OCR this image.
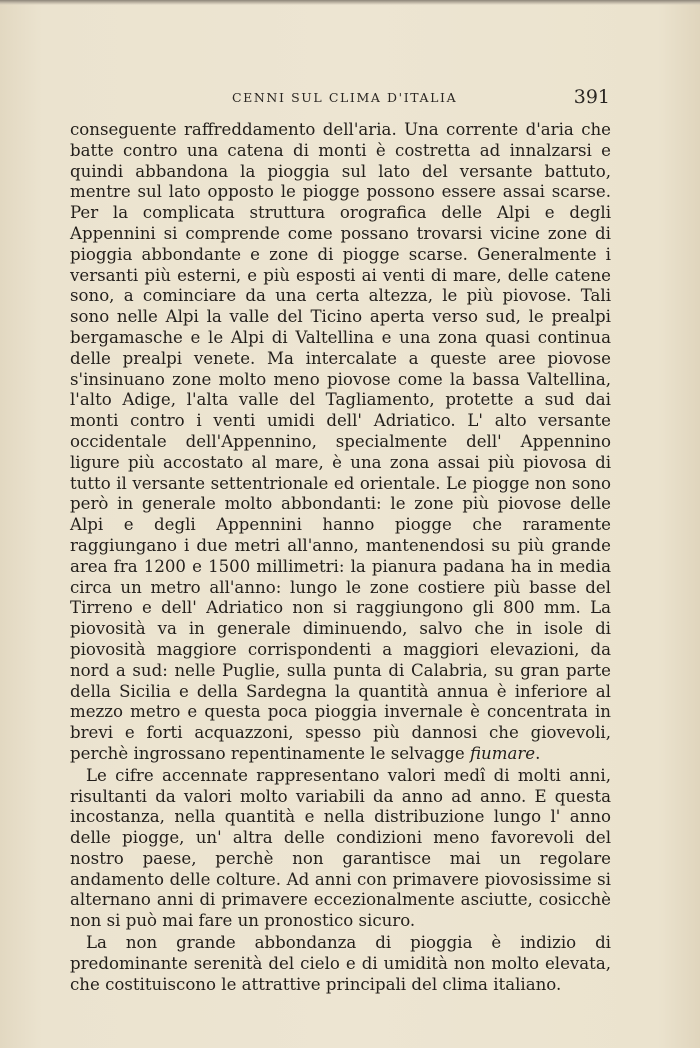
CENNI SUL CLIMA D'ITALIA	391

conseguente raffreddamento dell'aria. Una corrente d'aria che batte contro una catena di monti è costretta ad innalzarsi e quindi abbandona la pioggia sul lato del versante battuto, mentre sul lato opposto le piogge possono essere assai scarse. Per la complicata struttura orografica delle Alpi e degli Appennini si comprende come possano trovarsi vicine zone di pioggia abbondante e zone di piogge scarse. Generalmente i versanti più esterni, e più esposti ai venti di mare, delle catene sono, a cominciare da una certa altezza, le più piovose. Tali sono nelle Alpi la valle del Ticino aperta verso sud, le prealpi bergamasche e le Alpi di Valtellina e una zona quasi continua delle prealpi venete. Ma intercalate a queste aree piovose s'insinuano zone molto meno piovose come la bassa Valtellina, l'alto Adige, l'alta valle del Tagliamento, protette a sud dai monti contro i venti umidi dell' Adriatico. L' alto versante occidentale dell'Appennino, specialmente dell' Appennino ligure più accostato al mare, è una zona assai più piovosa di tutto il versante settentrionale ed orientale. Le piogge non sono però in generale molto abbondanti: le zone più piovose delle Alpi e degli Appennini hanno piogge che raramente raggiungano i due metri all'anno, mantenendosi su più grande area fra 1200 e 1500 millimetri: la pianura padana ha in media circa un metro all'anno: lungo le zone costiere più basse del Tirreno e dell' Adriatico non si raggiungono gli 800 mm. La piovosità va in generale diminuendo, salvo che in isole di piovosità maggiore corrispondenti a maggiori elevazioni, da nord a sud: nelle Puglie, sulla punta di Calabria, su gran parte della Sicilia e della Sardegna la quantità annua è inferiore al mezzo metro e questa poca pioggia invernale è concentrata in brevi e forti acquazzoni, spesso più dannosi che giovevoli, perchè ingrossano repentinamente le selvagge fiumare.

Le cifre accennate rappresentano valori medî di molti anni, risultanti da valori molto variabili da anno ad anno. E questa incostanza, nella quantità e nella distribuzione lungo l' anno delle piogge, un' altra delle condizioni meno favorevoli del nostro paese, perchè non garantisce mai un regolare andamento delle colture. Ad anni con primavere piovosissime si alternano anni di primavere eccezionalmente asciutte, cosicchè non si può mai fare un pronostico sicuro.

La non grande abbondanza di pioggia è indizio di predominante serenità del cielo e di umidità non molto elevata, che costituiscono le attrattive principali del clima italiano.
